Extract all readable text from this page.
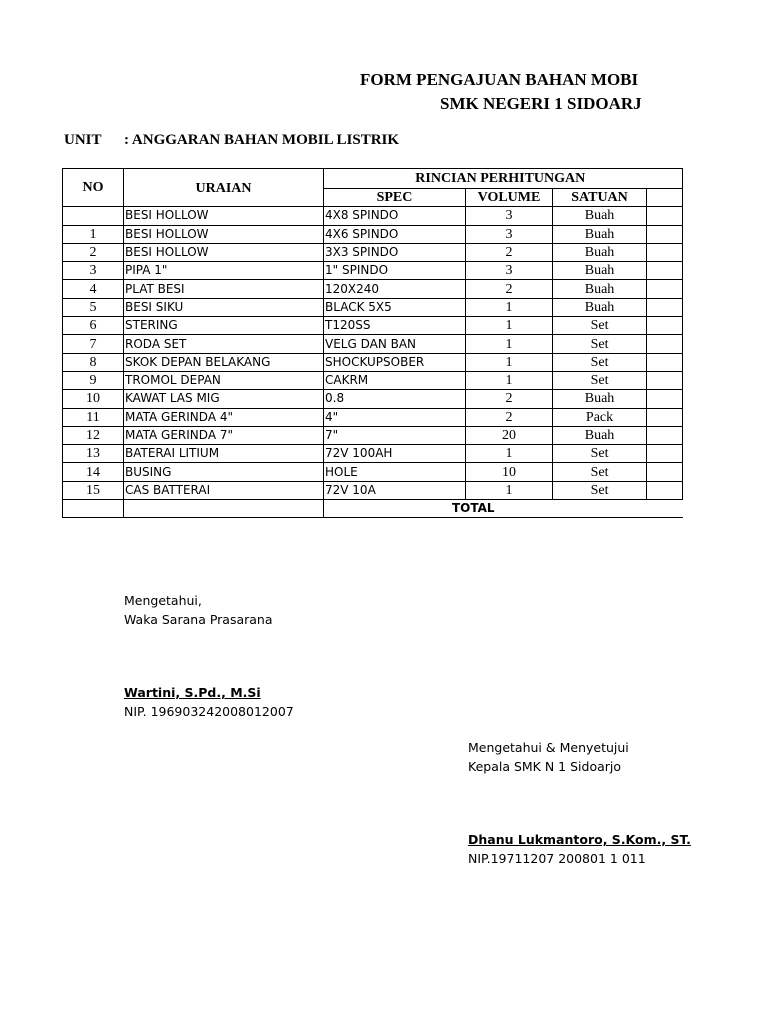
FORM PENGAJUAN BAHAN MOBI
SMK NEGERI 1 SIDOARJ
UNIT : ANGGARAN BAHAN MOBIL LISTRIK
NO	URAIAN	RINCIAN PERHITUNGAN			
		SPEC	VOLUME	SATUAN	
	BESI HOLLOW	4X8 SPINDO	3	Buah	
1	BESI HOLLOW	4X6 SPINDO	3	Buah	
2	BESI HOLLOW	3X3 SPINDO	2	Buah	
3	PIPA 1"	1" SPINDO	3	Buah	
4	PLAT BESI	120X240	2	Buah	
5	BESI SIKU	BLACK 5X5	1	Buah	
6	STERING	T120SS	1	Set	
7	RODA SET	VELG DAN BAN	1	Set	
8	SKOK DEPAN BELAKANG	SHOCKUPSOBER	1	Set	
9	TROMOL DEPAN	CAKRM	1	Set	
10	KAWAT LAS MIG	0.8	2	Buah	
11	MATA GERINDA 4"	4"	2	Pack	
12	MATA GERINDA 7"	7"	20	Buah	
13	BATERAI LITIUM	72V 100AH	1	Set	
14	BUSING	HOLE	10	Set	
15	CAS BATTERAI	72V 10A	1	Set	
		TOTAL			
Mengetahui,
Waka Sarana Prasarana
Wartini, S.Pd., M.Si
NIP. 196903242008012007
Mengetahui & Menyetujui
Kepala SMK N 1 Sidoarjo
Dhanu Lukmantoro, S.Kom., ST.
NIP.19711207 200801 1 011
